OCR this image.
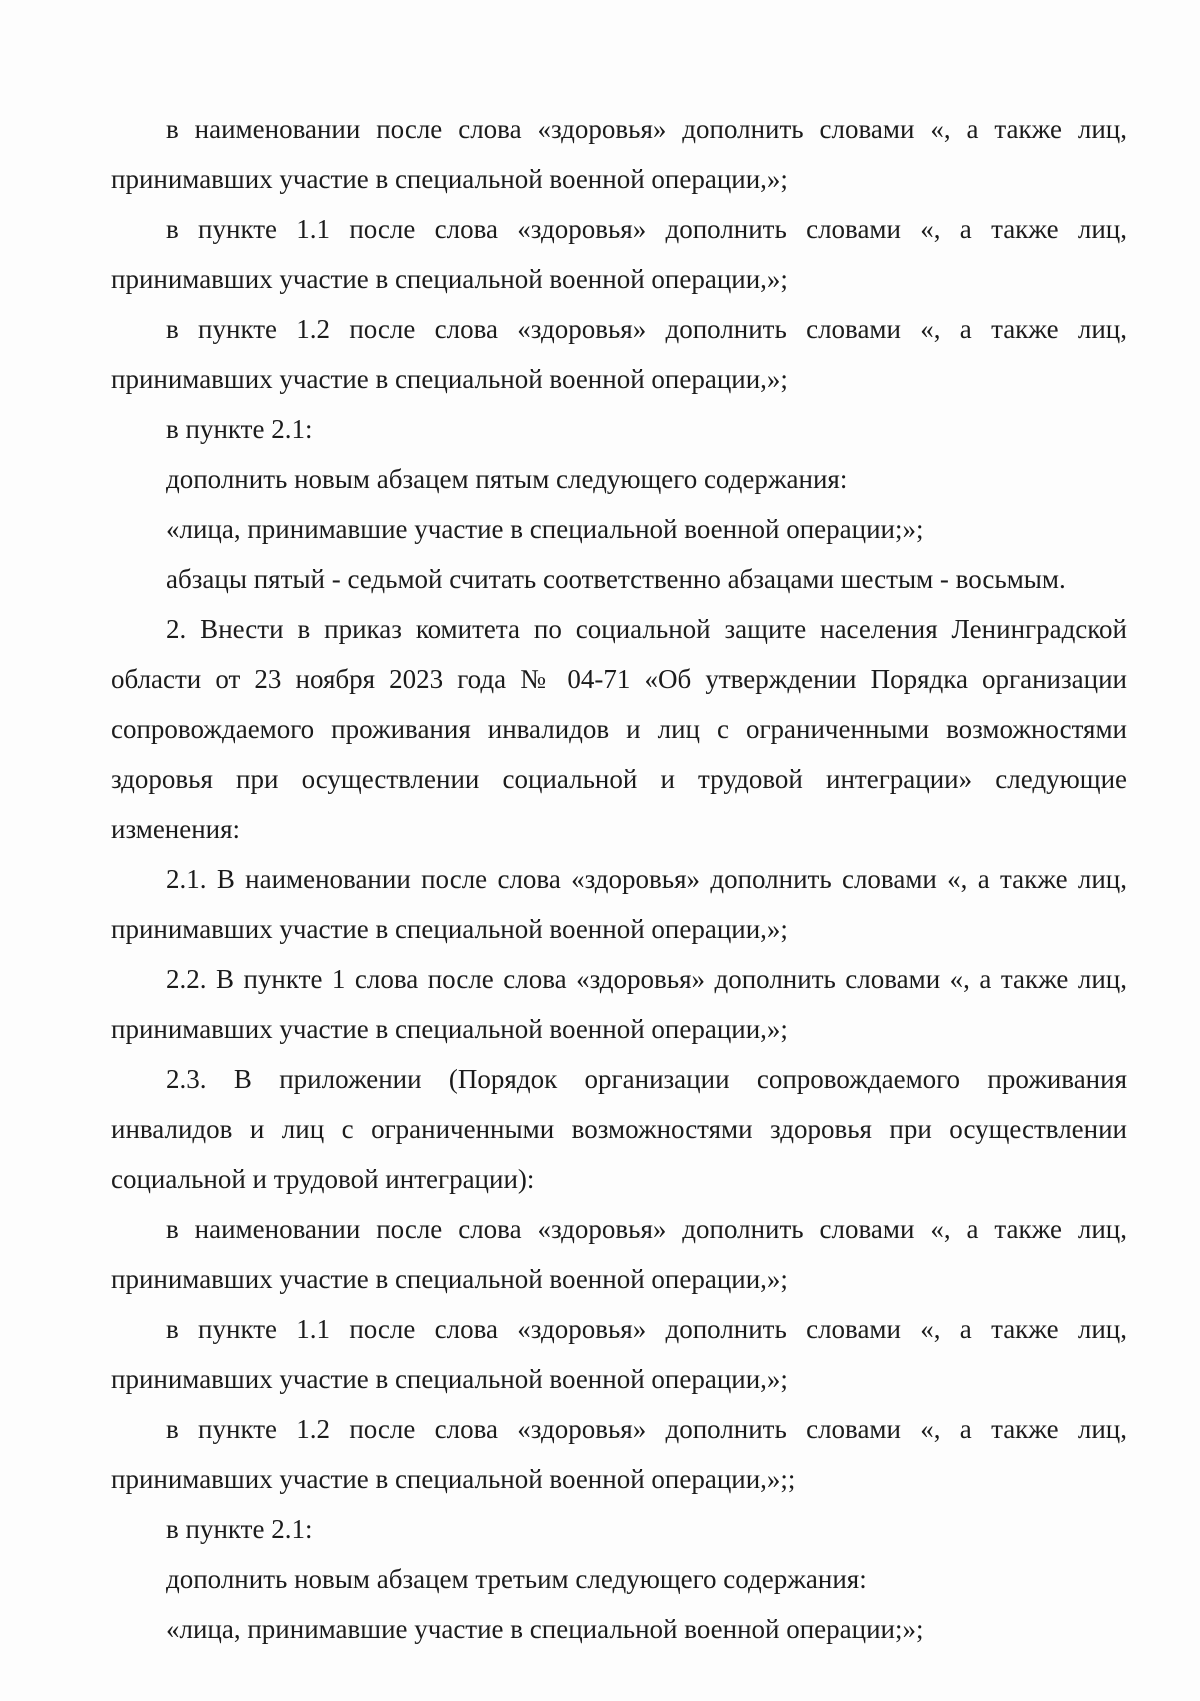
в наименовании после слова «здоровья» дополнить словами «, а также лиц, принимавших участие в специальной военной операции,»;

в пункте 1.1 после слова «здоровья» дополнить словами «, а также лиц, принимавших участие в специальной военной операции,»;

в пункте 1.2 после слова «здоровья» дополнить словами «, а также лиц, принимавших участие в специальной военной операции,»;

в пункте 2.1:

дополнить новым абзацем пятым следующего содержания:

«лица, принимавшие участие в специальной военной операции;»;

абзацы пятый - седьмой считать соответственно абзацами шестым - восьмым.

2. Внести в приказ комитета по социальной защите населения Ленинградской области от 23 ноября 2023 года № 04-71 «Об утверждении Порядка организации сопровождаемого проживания инвалидов и лиц с ограниченными возможностями здоровья при осуществлении социальной и трудовой интеграции» следующие изменения:

2.1. В наименовании после слова «здоровья» дополнить словами «, а также лиц, принимавших участие в специальной военной операции,»;

2.2. В пункте 1 слова после слова «здоровья» дополнить словами «, а также лиц, принимавших участие в специальной военной операции,»;

2.3. В приложении (Порядок организации сопровождаемого проживания инвалидов и лиц с ограниченными возможностями здоровья при осуществлении социальной и трудовой интеграции):

в наименовании после слова «здоровья» дополнить словами «, а также лиц, принимавших участие в специальной военной операции,»;

в пункте 1.1 после слова «здоровья» дополнить словами «, а также лиц, принимавших участие в специальной военной операции,»;

в пункте 1.2 после слова «здоровья» дополнить словами «, а также лиц, принимавших участие в специальной военной операции,»;;

в пункте 2.1:

дополнить новым абзацем третьим следующего содержания:

«лица, принимавшие участие в специальной военной операции;»;
